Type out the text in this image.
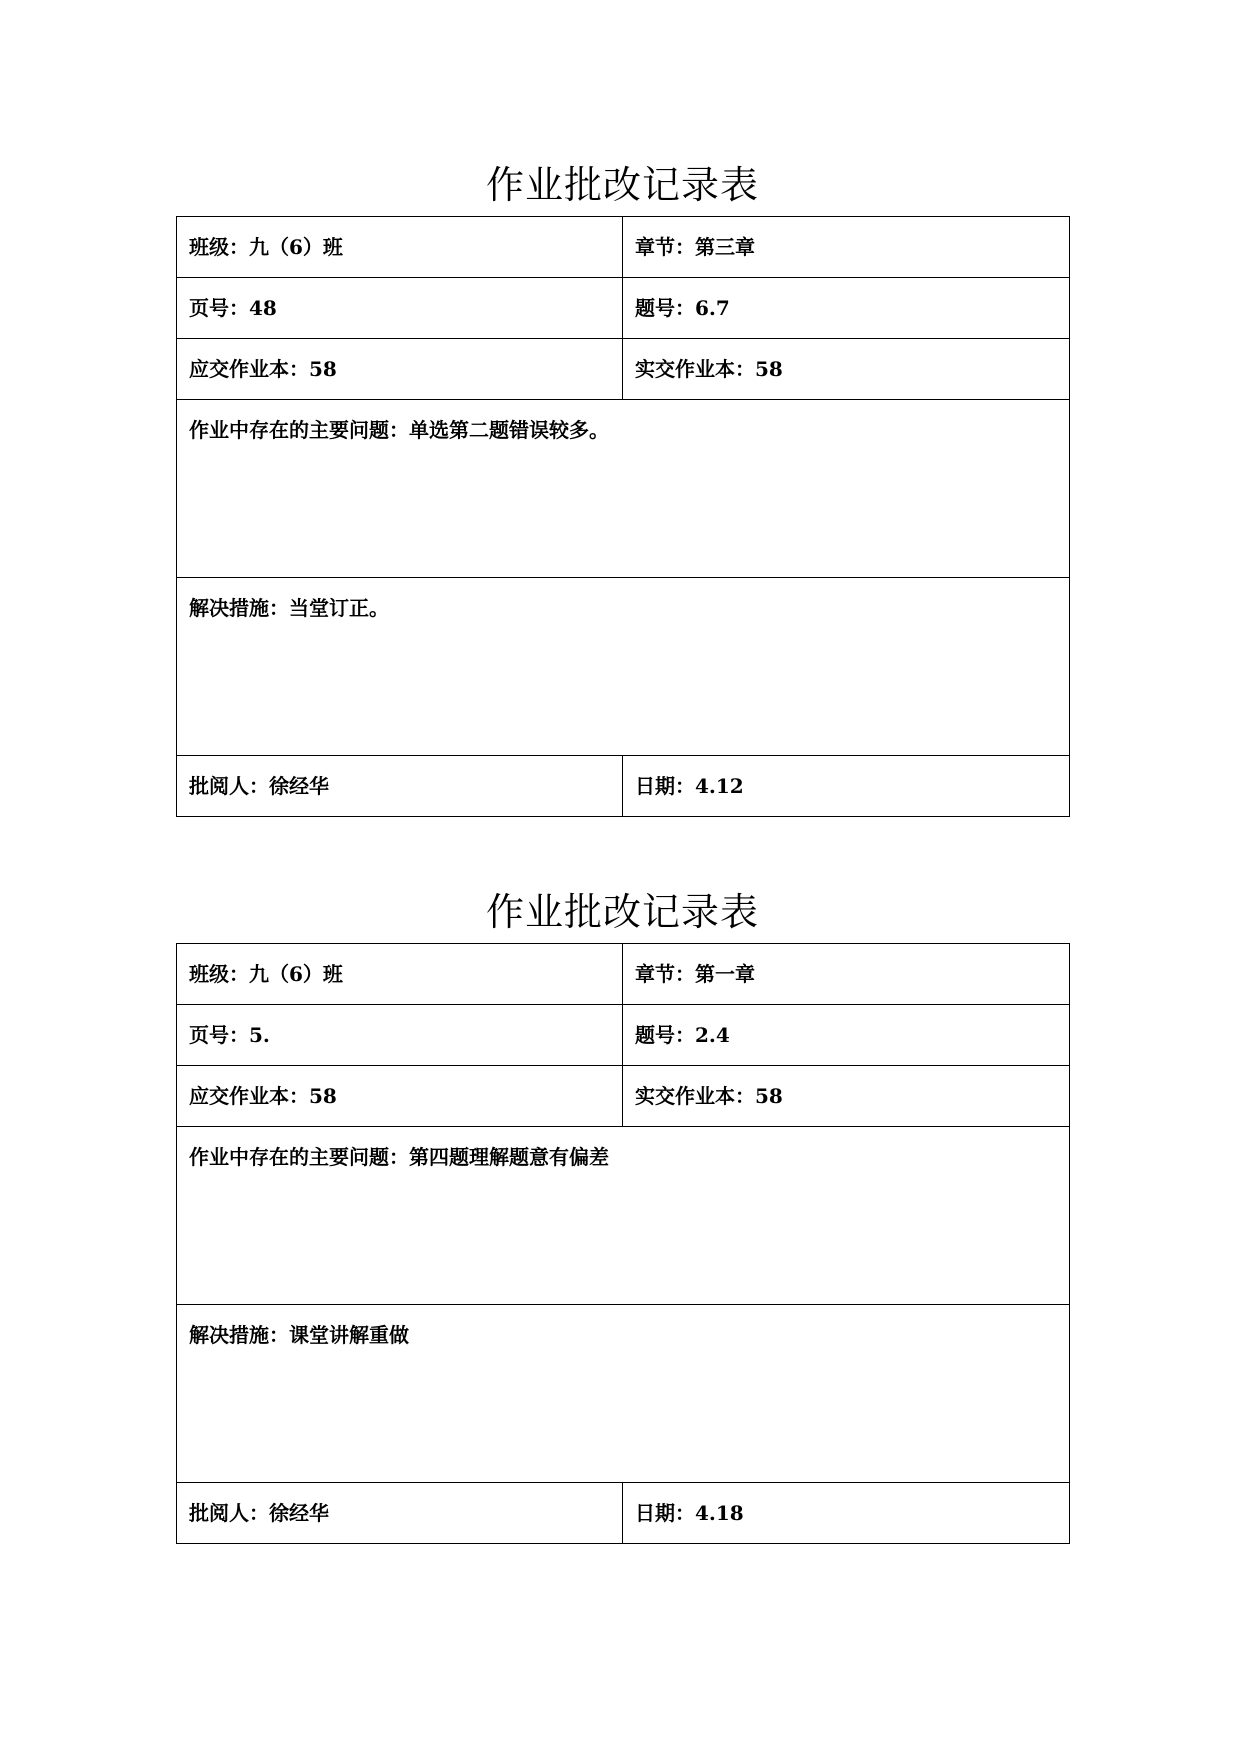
作业批改记录表
班级：九（6）班	章节：第三章
页号：48	题号：6.7
应交作业本：58	实交作业本：58
作业中存在的主要问题：单选第二题错误较多。	
解决措施：当堂订正。	
批阅人：徐经华	日期：4.12
作业批改记录表
班级：九（6）班	章节：第一章
页号：5.	题号：2.4
应交作业本：58	实交作业本：58
作业中存在的主要问题：第四题理解题意有偏差	
解决措施：课堂讲解重做	
批阅人：徐经华	日期：4.18
